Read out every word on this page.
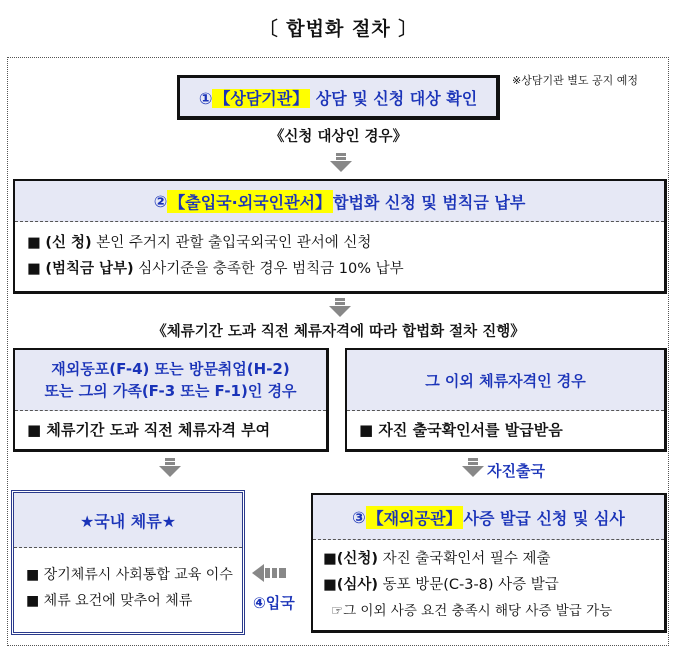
〔 합법화 절차 〕
① 【상담기관】 상담 및 신청 대상 확인
※상담기관 별도 공지 예정
《신청 대상인 경우》
② 【출입국·외국인관서】 합법화 신청 및 범칙금 납부
■ (신 청) 본인 주거지 관할 출입국외국인 관서에 신청
■ (범칙금 납부) 심사기준을 충족한 경우 범칙금 10% 납부
《체류기간 도과 직전 체류자격에 따라 합법화 절차 진행》
재외동포(F-4) 또는 방문취업(H-2)
또는 그의 가족(F-3 또는 F-1)인 경우
■ 체류기간 도과 직전 체류자격 부여
그 이외 체류자격인 경우
■ 자진 출국확인서를 발급받음
자진출국
★국내 체류★
■ 장기체류시 사회통합 교육 이수
■ 체류 요건에 맞추어 체류	④입국
③ 【재외공관】 사증 발급 신청 및 심사
■(신청) 자진 출국확인서 필수 제출
■(심사) 동포 방문(C-3-8) 사증 발급
☞그 이외 사증 요건 충족시 해당 사증 발급 가능
